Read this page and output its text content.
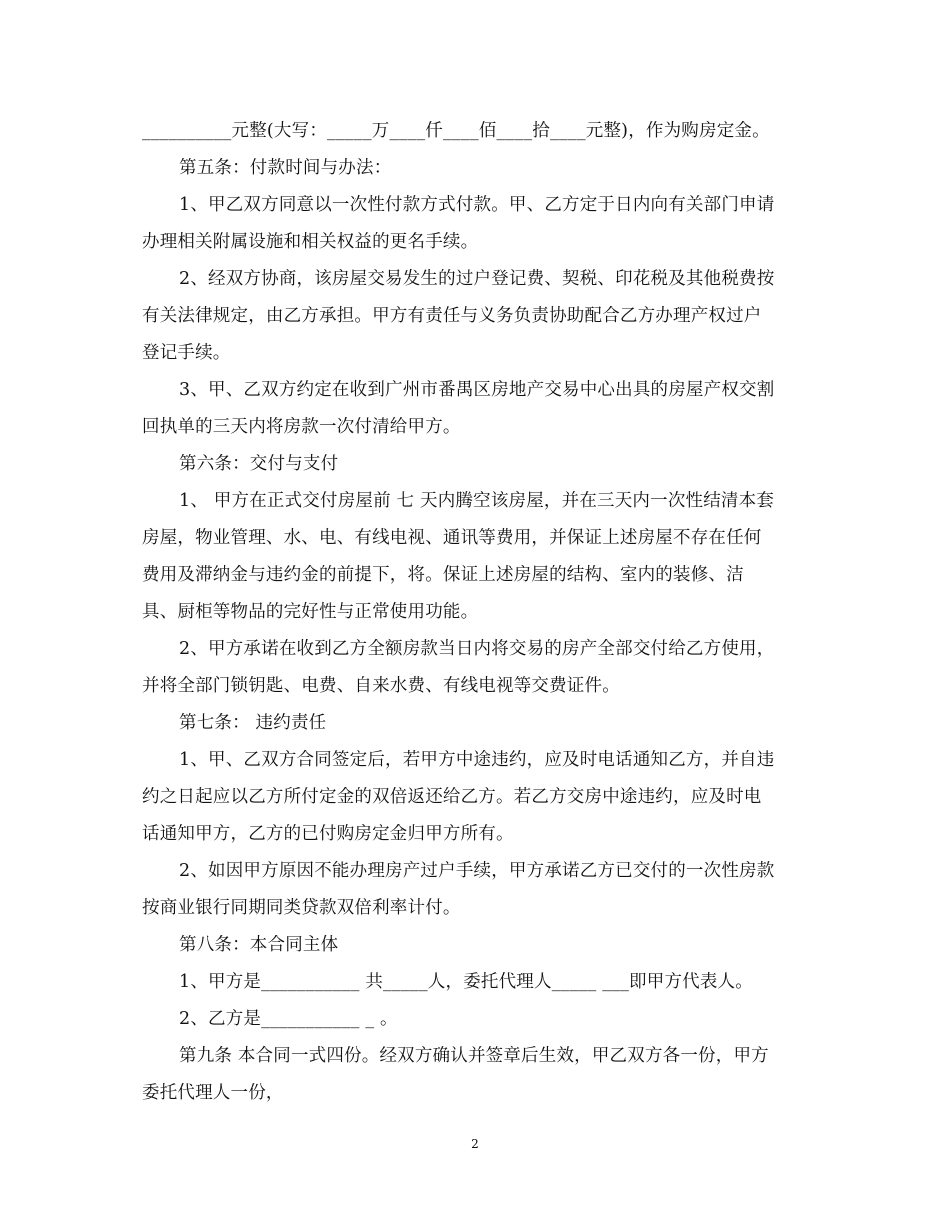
__________元整(大写：_____万____仟____佰____拾____元整)，作为购房定金。
第五条：付款时间与办法：
1、甲乙双方同意以一次性付款方式付款。甲、乙方定于日内向有关部门申请
办理相关附属设施和相关权益的更名手续。
2、经双方协商，该房屋交易发生的过户登记费、契税、印花税及其他税费按
有关法律规定，由乙方承担。甲方有责任与义务负责协助配合乙方办理产权过户
登记手续。
3、甲、乙双方约定在收到广州市番禺区房地产交易中心出具的房屋产权交割
回执单的三天内将房款一次付清给甲方。
第六条：交付与支付
1、 甲方在正式交付房屋前 七 天内腾空该房屋，并在三天内一次性结清本套
房屋，物业管理、水、电、有线电视、通讯等费用，并保证上述房屋不存在任何
费用及滞纳金与违约金的前提下，将。保证上述房屋的结构、室内的装修、洁
具、厨柜等物品的完好性与正常使用功能。
2、甲方承诺在收到乙方全额房款当日内将交易的房产全部交付给乙方使用，
并将全部门锁钥匙、电费、自来水费、有线电视等交费证件。
第七条： 违约责任
1、甲、乙双方合同签定后，若甲方中途违约，应及时电话通知乙方，并自违
约之日起应以乙方所付定金的双倍返还给乙方。若乙方交房中途违约，应及时电
话通知甲方，乙方的已付购房定金归甲方所有。
2、如因甲方原因不能办理房产过户手续，甲方承诺乙方已交付的一次性房款
按商业银行同期同类贷款双倍利率计付。
第八条：本合同主体
1、甲方是___________ 共_____人，委托代理人_____ ___即甲方代表人。
2、乙方是___________ _ 。
第九条 本合同一式四份。经双方确认并签章后生效，甲乙双方各一份，甲方
委托代理人一份，
2
